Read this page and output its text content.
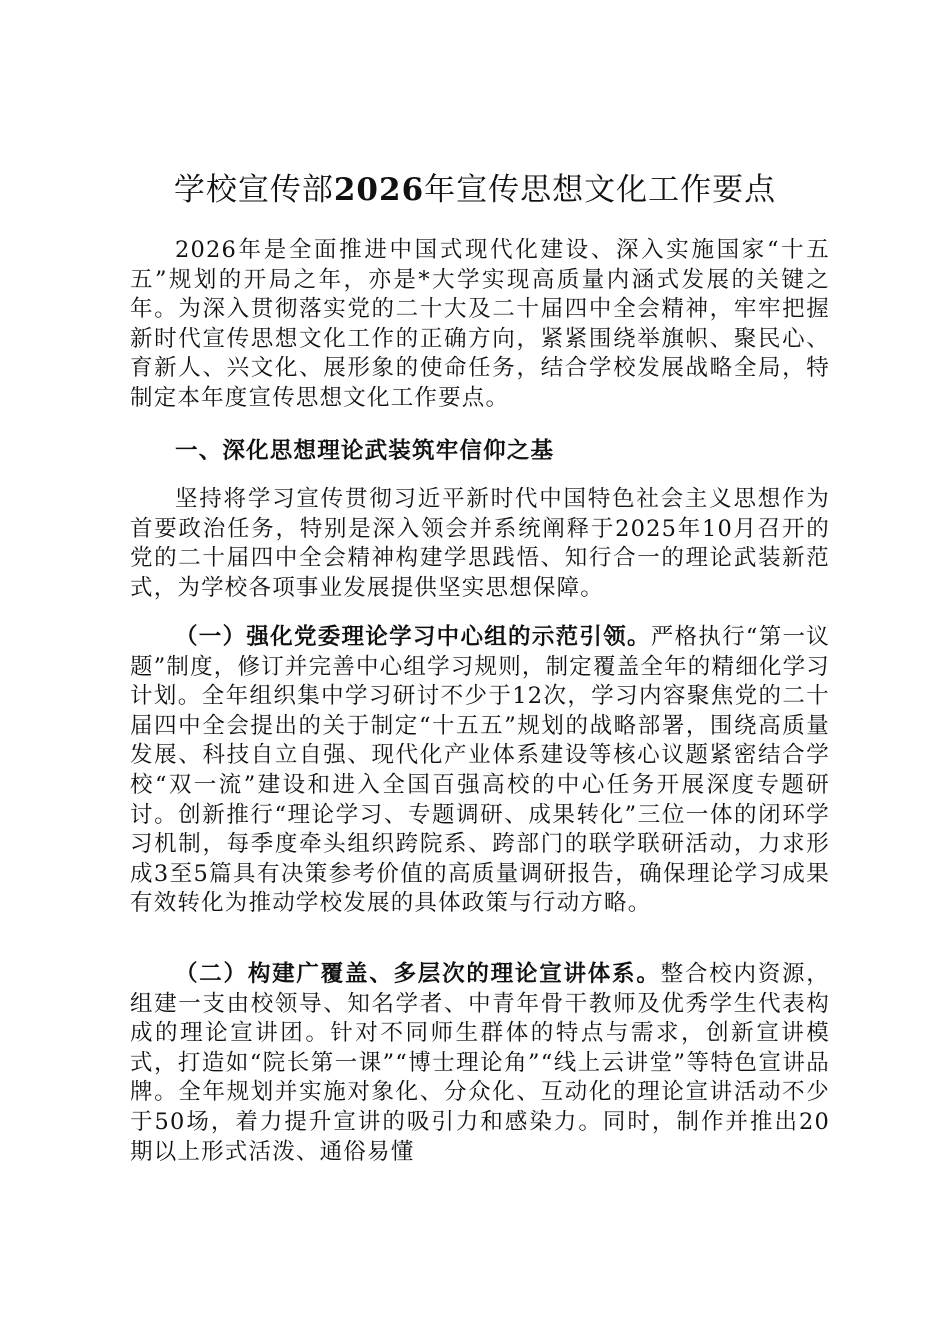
学校宣传部2026年宣传思想文化工作要点

2026年是全面推进中国式现代化建设、深入实施国家“十五五”规划的开局之年，亦是*大学实现高质量内涵式发展的关键之年。为深入贯彻落实党的二十大及二十届四中全会精神，牢牢把握新时代宣传思想文化工作的正确方向，紧紧围绕举旗帜、聚民心、育新人、兴文化、展形象的使命任务，结合学校发展战略全局，特制定本年度宣传思想文化工作要点。

一、深化思想理论武装筑牢信仰之基

坚持将学习宣传贯彻习近平新时代中国特色社会主义思想作为首要政治任务，特别是深入领会并系统阐释于2025年10月召开的党的二十届四中全会精神构建学思践悟、知行合一的理论武装新范式，为学校各项事业发展提供坚实思想保障。

（一）强化党委理论学习中心组的示范引领。严格执行“第一议题”制度，修订并完善中心组学习规则，制定覆盖全年的精细化学习计划。全年组织集中学习研讨不少于12次，学习内容聚焦党的二十届四中全会提出的关于制定“十五五”规划的战略部署，围绕高质量发展、科技自立自强、现代化产业体系建设等核心议题紧密结合学校“双一流”建设和进入全国百强高校的中心任务开展深度专题研讨。创新推行“理论学习、专题调研、成果转化”三位一体的闭环学习机制，每季度牵头组织跨院系、跨部门的联学联研活动，力求形成3至5篇具有决策参考价值的高质量调研报告，确保理论学习成果有效转化为推动学校发展的具体政策与行动方略。

（二）构建广覆盖、多层次的理论宣讲体系。整合校内资源，组建一支由校领导、知名学者、中青年骨干教师及优秀学生代表构成的理论宣讲团。针对不同师生群体的特点与需求，创新宣讲模式，打造如“院长第一课”“博士理论角”“线上云讲堂”等特色宣讲品牌。全年规划并实施对象化、分众化、互动化的理论宣讲活动不少于50场，着力提升宣讲的吸引力和感染力。同时，制作并推出20期以上形式活泼、通俗易懂
